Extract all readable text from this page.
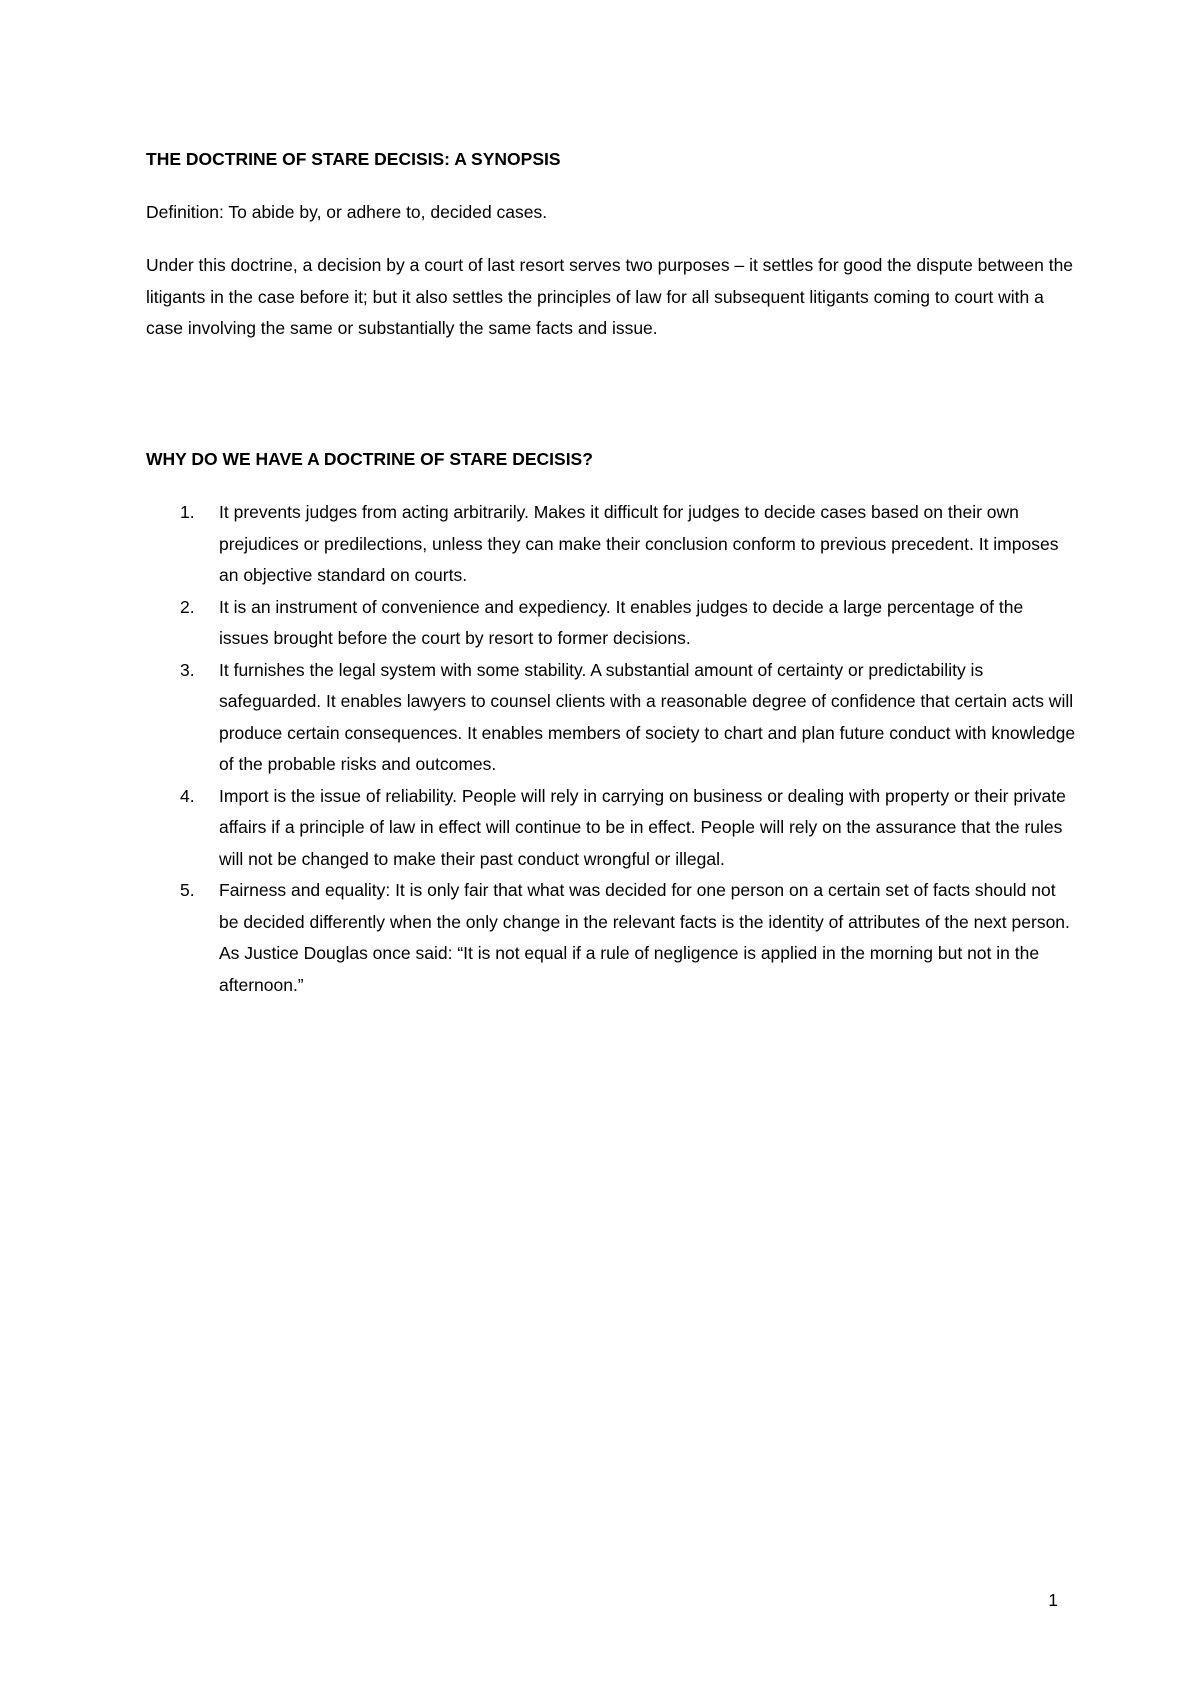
THE DOCTRINE OF STARE DECISIS: A SYNOPSIS

Definition: To abide by, or adhere to, decided cases.

Under this doctrine, a decision by a court of last resort serves two purposes – it settles for good the dispute between the litigants in the case before it; but it also settles the principles of law for all subsequent litigants coming to court with a case involving the same or substantially the same facts and issue.

WHY DO WE HAVE A DOCTRINE OF STARE DECISIS?
1. It prevents judges from acting arbitrarily. Makes it difficult for judges to decide cases based on their own prejudices or predilections, unless they can make their conclusion conform to previous precedent. It imposes an objective standard on courts.
2. It is an instrument of convenience and expediency. It enables judges to decide a large percentage of the issues brought before the court by resort to former decisions.
3. It furnishes the legal system with some stability. A substantial amount of certainty or predictability is safeguarded. It enables lawyers to counsel clients with a reasonable degree of confidence that certain acts will produce certain consequences. It enables members of society to chart and plan future conduct with knowledge of the probable risks and outcomes.
4. Import is the issue of reliability. People will rely in carrying on business or dealing with property or their private affairs if a principle of law in effect will continue to be in effect. People will rely on the assurance that the rules will not be changed to make their past conduct wrongful or illegal.
5. Fairness and equality: It is only fair that what was decided for one person on a certain set of facts should not be decided differently when the only change in the relevant facts is the identity of attributes of the next person. As Justice Douglas once said: “It is not equal if a rule of negligence is applied in the morning but not in the afternoon.”
1
